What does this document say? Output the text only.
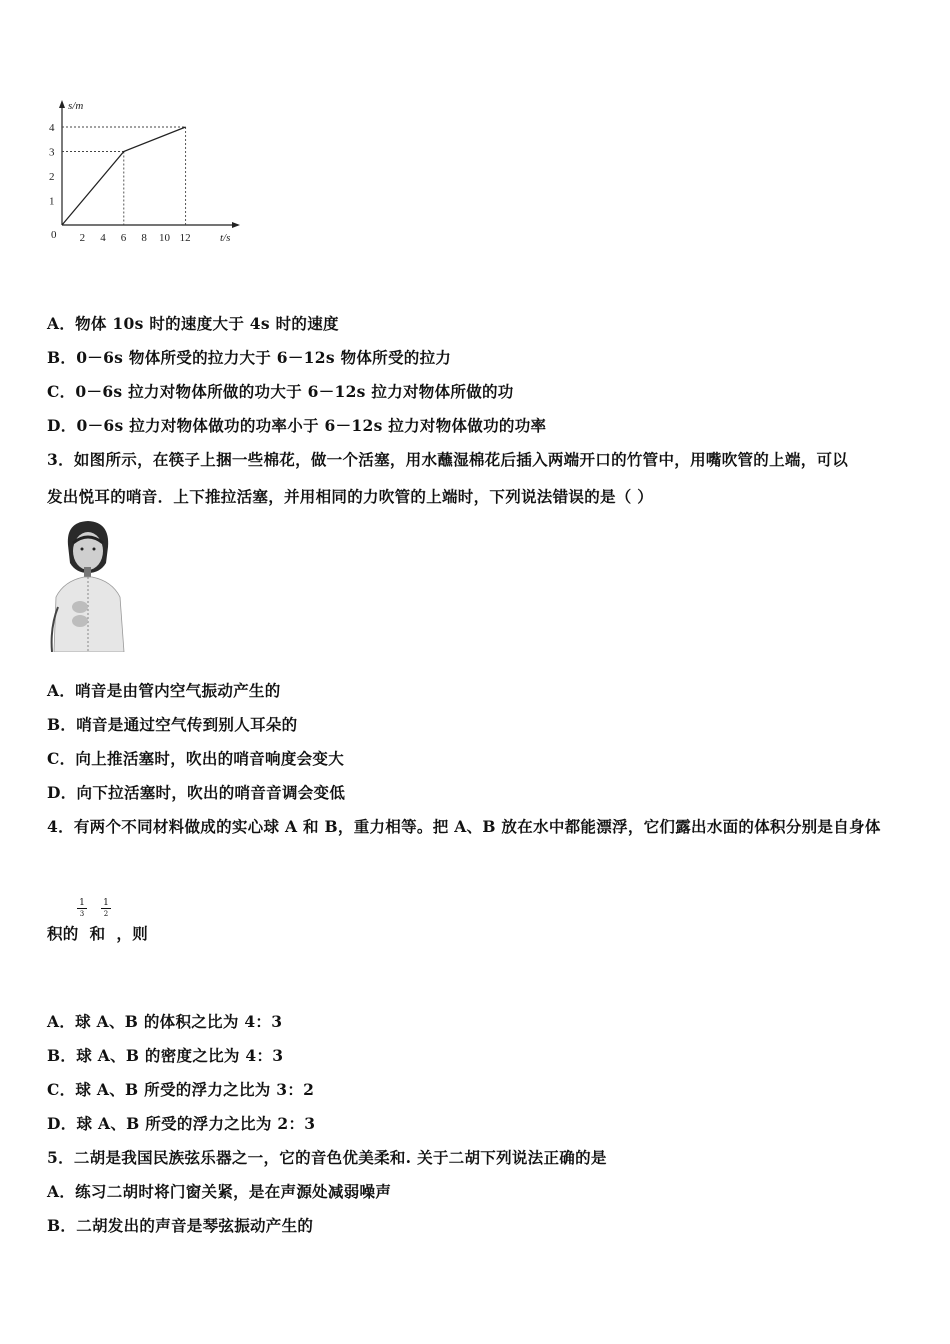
s/m
t/s
0 2 4 6 8 10 12
1
2
3
4
A．物体 10s 时的速度大于 4s 时的速度
B．0－6s 物体所受的拉力大于 6－12s 物体所受的拉力
C．0－6s 拉力对物体所做的功大于 6－12s 拉力对物体所做的功
D．0－6s 拉力对物体做功的功率小于 6－12s 拉力对物体做功的功率
3．如图所示，在筷子上捆一些棉花，做一个活塞，用水蘸湿棉花后插入两端开口的竹管中，用嘴吹管的上端，可以
发出悦耳的哨音．上下推拉活塞，并用相同的力吹管的上端时，下列说法错误的是（ ）
A．哨音是由管内空气振动产生的
B．哨音是通过空气传到别人耳朵的
C．向上推活塞时，吹出的哨音响度会变大
D．向下拉活塞时，吹出的哨音音调会变低
4．有两个不同材料做成的实心球 A 和 B，重力相等。把 A、B 放在水中都能漂浮，它们露出水面的体积分别是自身体
积的 和 ，则
1
3
1
2
A．球 A、B 的体积之比为 4：3
B．球 A、B 的密度之比为 4：3
C．球 A、B 所受的浮力之比为 3：2
D．球 A、B 所受的浮力之比为 2：3
5．二胡是我国民族弦乐器之一，它的音色优美柔和. 关于二胡下列说法正确的是
A．练习二胡时将门窗关紧，是在声源处减弱噪声
B．二胡发出的声音是琴弦振动产生的
